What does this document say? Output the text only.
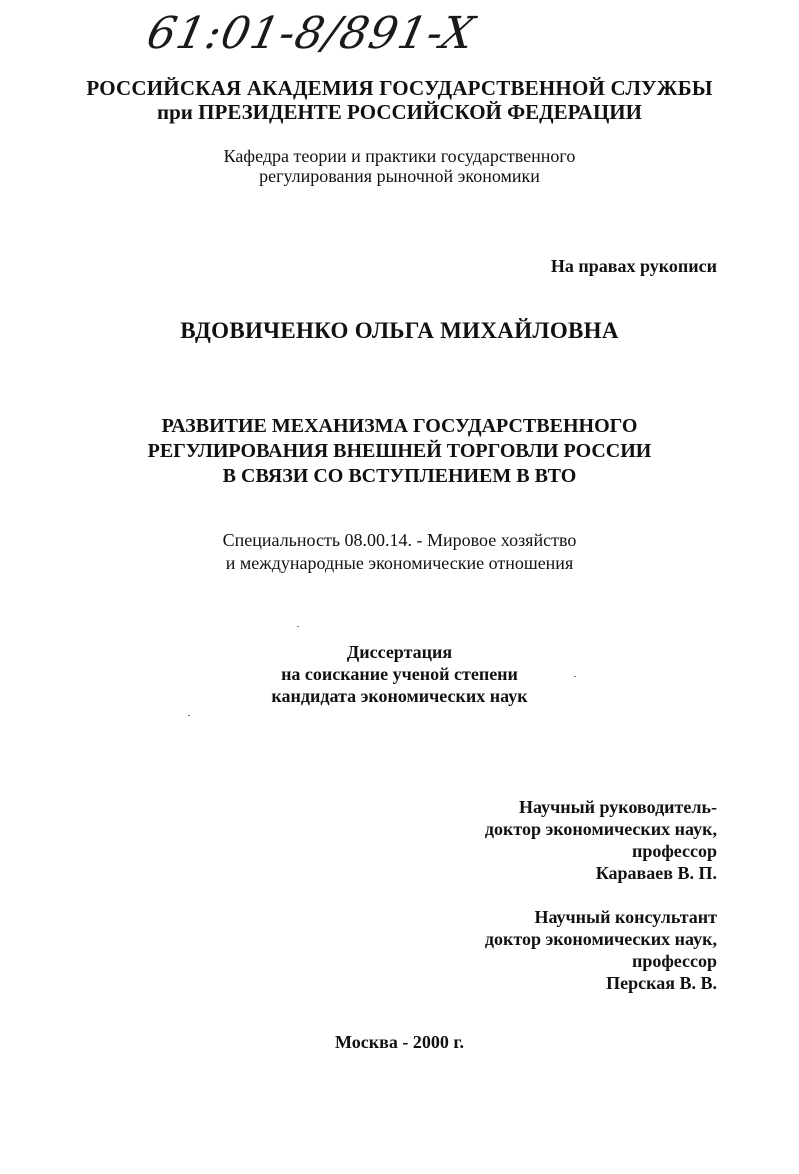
61:01-8/891-X
РОССИЙСКАЯ АКАДЕМИЯ ГОСУДАРСТВЕННОЙ СЛУЖБЫ
при ПРЕЗИДЕНТЕ РОССИЙСКОЙ ФЕДЕРАЦИИ
Кафедра теории и практики государственного
регулирования рыночной экономики
На правах рукописи
ВДОВИЧЕНКО ОЛЬГА МИХАЙЛОВНА
РАЗВИТИЕ МЕХАНИЗМА ГОСУДАРСТВЕННОГО
РЕГУЛИРОВАНИЯ ВНЕШНЕЙ ТОРГОВЛИ РОССИИ
В СВЯЗИ СО ВСТУПЛЕНИЕМ В ВТО
Специальность 08.00.14. - Мировое хозяйство
и международные экономические отношения
Диссертация
на соискание ученой степени
кандидата экономических наук
Научный руководитель-
доктор экономических наук,
профессор
Караваев В. П.
Научный консультант
доктор экономических наук,
профессор
Перская В. В.
Москва - 2000 г.
